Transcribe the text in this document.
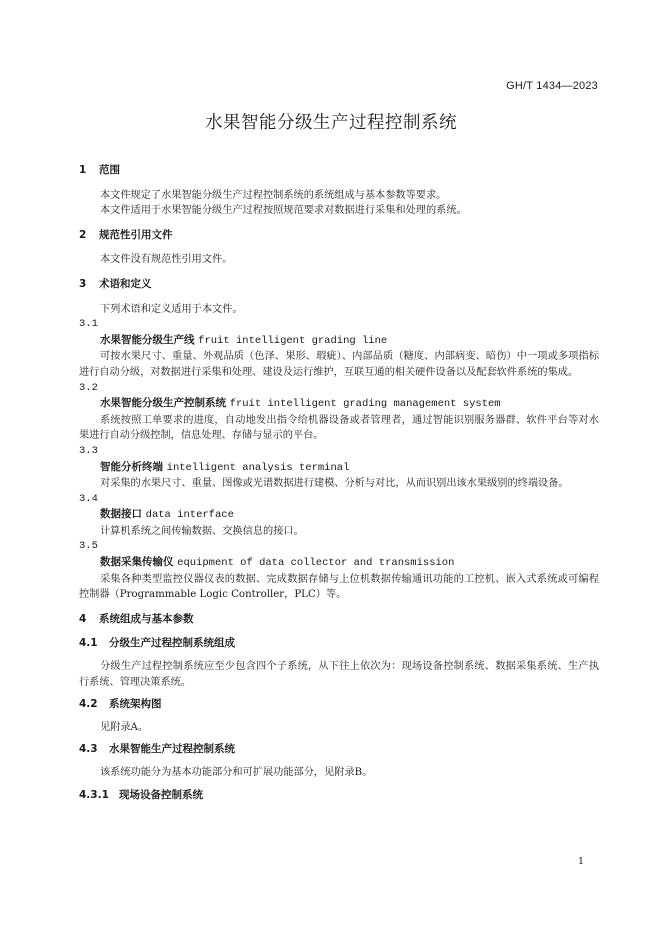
GH/T 1434—2023
水果智能分级生产过程控制系统

1 范围

本文件规定了水果智能分级生产过程控制系统的系统组成与基本参数等要求。

本文件适用于水果智能分级生产过程按照规范要求对数据进行采集和处理的系统。

2 规范性引用文件

本文件没有规范性引用文件。

3 术语和定义

下列术语和定义适用于本文件。

3.1

水果智能分级生产线 fruit intelligent grading line

可按水果尺寸、重量、外观品质（色泽、果形、瑕疵）、内部品质（糖度、内部病变、暗伤）中一项或多项指标进行自动分级，对数据进行采集和处理、建设及运行维护，互联互通的相关硬件设备以及配套软件系统的集成。

3.2

水果智能分级生产控制系统 fruit intelligent grading management system

系统按照工单要求的进度，自动地发出指令给机器设备或者管理者，通过智能识别服务器群、软件平台等对水果进行自动分级控制，信息处理、存储与显示的平台。

3.3

智能分析终端 intelligent analysis terminal

对采集的水果尺寸、重量、图像或光谱数据进行建模、分析与对比，从而识别出该水果级别的终端设备。

3.4

数据接口 data interface

计算机系统之间传输数据、交换信息的接口。

3.5

数据采集传输仪 equipment of data collector and transmission

采集各种类型监控仪器仪表的数据、完成数据存储与上位机数据传输通讯功能的工控机、嵌入式系统或可编程控制器（Programmable Logic Controller，PLC）等。

4 系统组成与基本参数

4.1 分级生产过程控制系统组成

分级生产过程控制系统应至少包含四个子系统，从下往上依次为：现场设备控制系统、数据采集系统、生产执行系统、管理决策系统。

4.2 系统架构图

见附录A。

4.3 水果智能生产过程控制系统

该系统功能分为基本功能部分和可扩展功能部分，见附录B。

4.3.1 现场设备控制系统

1
